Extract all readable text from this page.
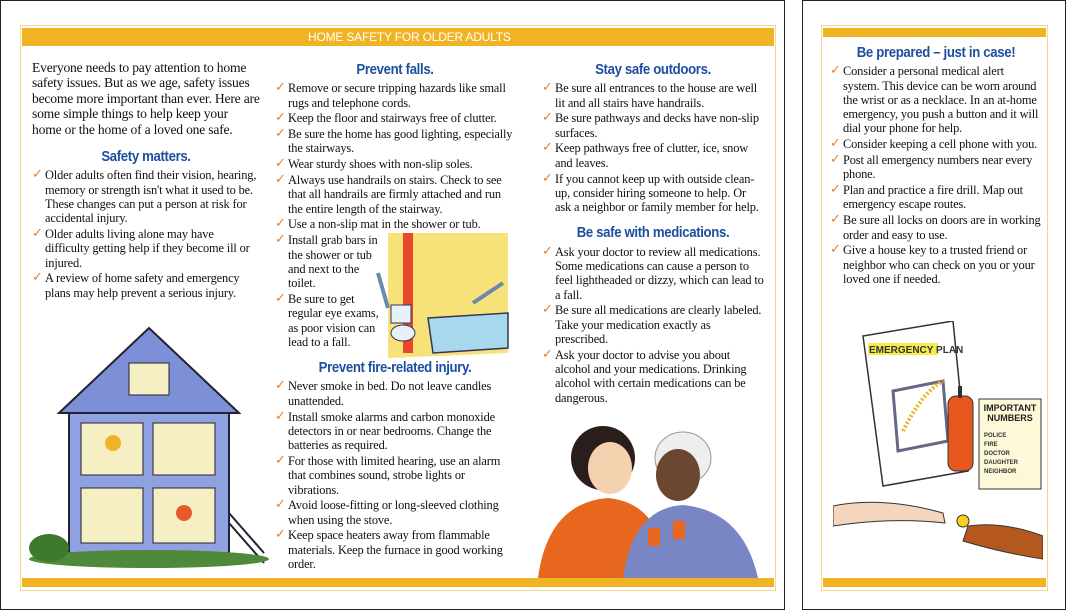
HOME SAFETY FOR OLDER ADULTS
Everyone needs to pay attention to home safety issues. But as we age, safety issues become more important than ever. Here are some simple things to help keep your home or the home of a loved one safe.
Safety matters.
✓ Older adults often find their vision, hearing, memory or strength isn't what it used to be. These changes can put a person at risk for accidental injury.
✓ Older adults living alone may have difficulty getting help if they become ill or injured.
✓ A review of home safety and emergency plans may help prevent a serious injury.
Prevent falls.
✓ Remove or secure tripping hazards like small rugs and telephone cords.
✓ Keep the floor and stairways free of clutter.
✓ Be sure the home has good lighting, especially the stairways.
✓ Wear sturdy shoes with non-slip soles.
✓ Always use handrails on stairs. Check to see that all handrails are firmly attached and run the entire length of the stairway.
✓ Use a non-slip mat in the shower or tub.
✓ Install grab bars in the shower or tub and next to the toilet.
✓ Be sure to get regular eye exams, as poor vision can lead to a fall.
Prevent fire-related injury.
✓ Never smoke in bed. Do not leave candles unattended.
✓ Install smoke alarms and carbon monoxide detectors in or near bedrooms. Change the batteries as required.
✓ For those with limited hearing, use an alarm that combines sound, strobe lights or vibrations.
✓ Avoid loose-fitting or long-sleeved clothing when using the stove.
✓ Keep space heaters away from flammable materials. Keep the furnace in good working order.
Stay safe outdoors.
✓ Be sure all entrances to the house are well lit and all stairs have handrails.
✓ Be sure pathways and decks have non-slip surfaces.
✓ Keep pathways free of clutter, ice, snow and leaves.
✓ If you cannot keep up with outside clean-up, consider hiring someone to help. Or ask a neighbor or family member for help.
Be safe with medications.
✓ Ask your doctor to review all medications. Some medications can cause a person to feel lightheaded or dizzy, which can lead to a fall.
✓ Be sure all medications are clearly labeled. Take your medication exactly as prescribed.
✓ Ask your doctor to advise you about alcohol and your medications. Drinking alcohol with certain medications can be dangerous.
Be prepared – just in case!
✓ Consider a personal medical alert system. This device can be worn around the wrist or as a necklace. In an at-home emergency, you push a button and it will dial your phone for help.
✓ Consider keeping a cell phone with you.
✓ Post all emergency numbers near every phone.
✓ Plan and practice a fire drill. Map out emergency escape routes.
✓ Be sure all locks on doors are in working order and easy to use.
✓ Give a house key to a trusted friend or neighbor who can check on you or your loved one if needed.
EMERGENCY PLAN
POLICE
FIRE
DOCTOR
DAUGHTER
NEIGHBOR
IMPORTANT NUMBERS
